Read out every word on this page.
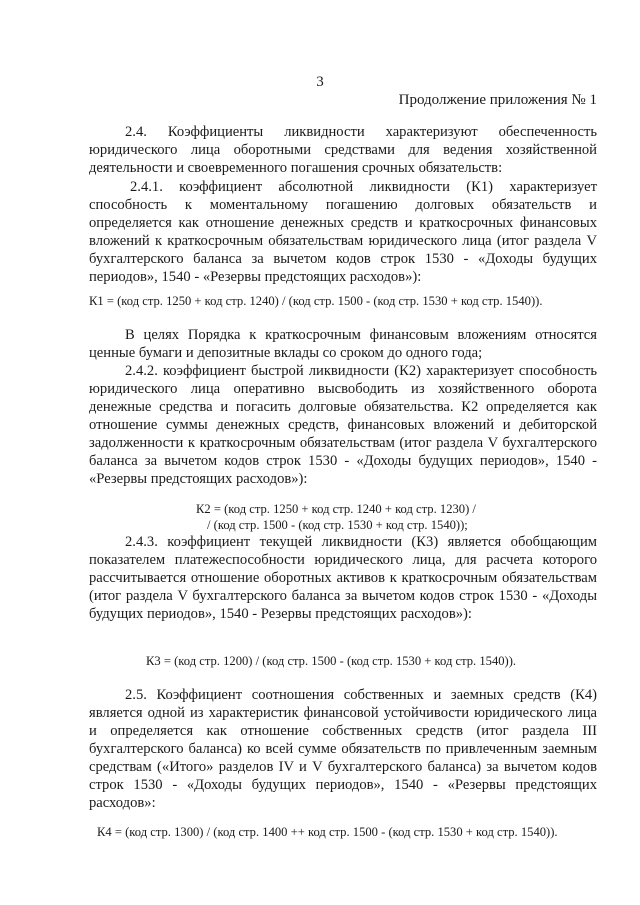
3
Продолжение приложения № 1
2.4. Коэффициенты ликвидности характеризуют обеспеченность юридического лица оборотными средствами для ведения хозяйственной деятельности и своевременного погашения срочных обязательств:
2.4.1. коэффициент абсолютной ликвидности (К1) характеризует способность к моментальному погашению долговых обязательств и определяется как отношение денежных средств и краткосрочных финансовых вложений к краткосрочным обязательствам юридического лица (итог раздела V бухгалтерского баланса за вычетом кодов строк 1530 - «Доходы будущих периодов», 1540 - «Резервы предстоящих расходов»):
К1 = (код стр. 1250 + код стр. 1240) / (код стр. 1500 - (код стр. 1530 + код стр. 1540)).
В целях Порядка к краткосрочным финансовым вложениям относятся ценные бумаги и депозитные вклады со сроком до одного года;
2.4.2. коэффициент быстрой ликвидности (К2) характеризует способность юридического лица оперативно высвободить из хозяйственного оборота денежные средства и погасить долговые обязательства. К2 определяется как отношение суммы денежных средств, финансовых вложений и дебиторской задолженности к краткосрочным обязательствам (итог раздела V бухгалтерского баланса за вычетом кодов строк 1530 - «Доходы будущих периодов», 1540 - «Резервы предстоящих расходов»):
К2 = (код стр. 1250 + код стр. 1240 + код стр. 1230) /
/ (код стр. 1500 - (код стр. 1530 + код стр. 1540));
2.4.3. коэффициент текущей ликвидности (К3) является обобщающим показателем платежеспособности юридического лица, для расчета которого рассчитывается отношение оборотных активов к краткосрочным обязательствам (итог раздела V бухгалтерского баланса за вычетом кодов строк 1530 - «Доходы будущих периодов», 1540 - Резервы предстоящих расходов»):
К3 = (код стр. 1200) / (код стр. 1500 - (код стр. 1530 + код стр. 1540)).
2.5. Коэффициент соотношения собственных и заемных средств (К4) является одной из характеристик финансовой устойчивости юридического лица и определяется как отношение собственных средств (итог раздела III бухгалтерского баланса) ко всей сумме обязательств по привлеченным заемным средствам («Итого» разделов IV и V бухгалтерского баланса) за вычетом кодов строк 1530 - «Доходы будущих периодов», 1540 - «Резервы предстоящих расходов»:
К4 = (код стр. 1300) / (код стр. 1400 ++ код стр. 1500 - (код стр. 1530 + код стр. 1540)).
